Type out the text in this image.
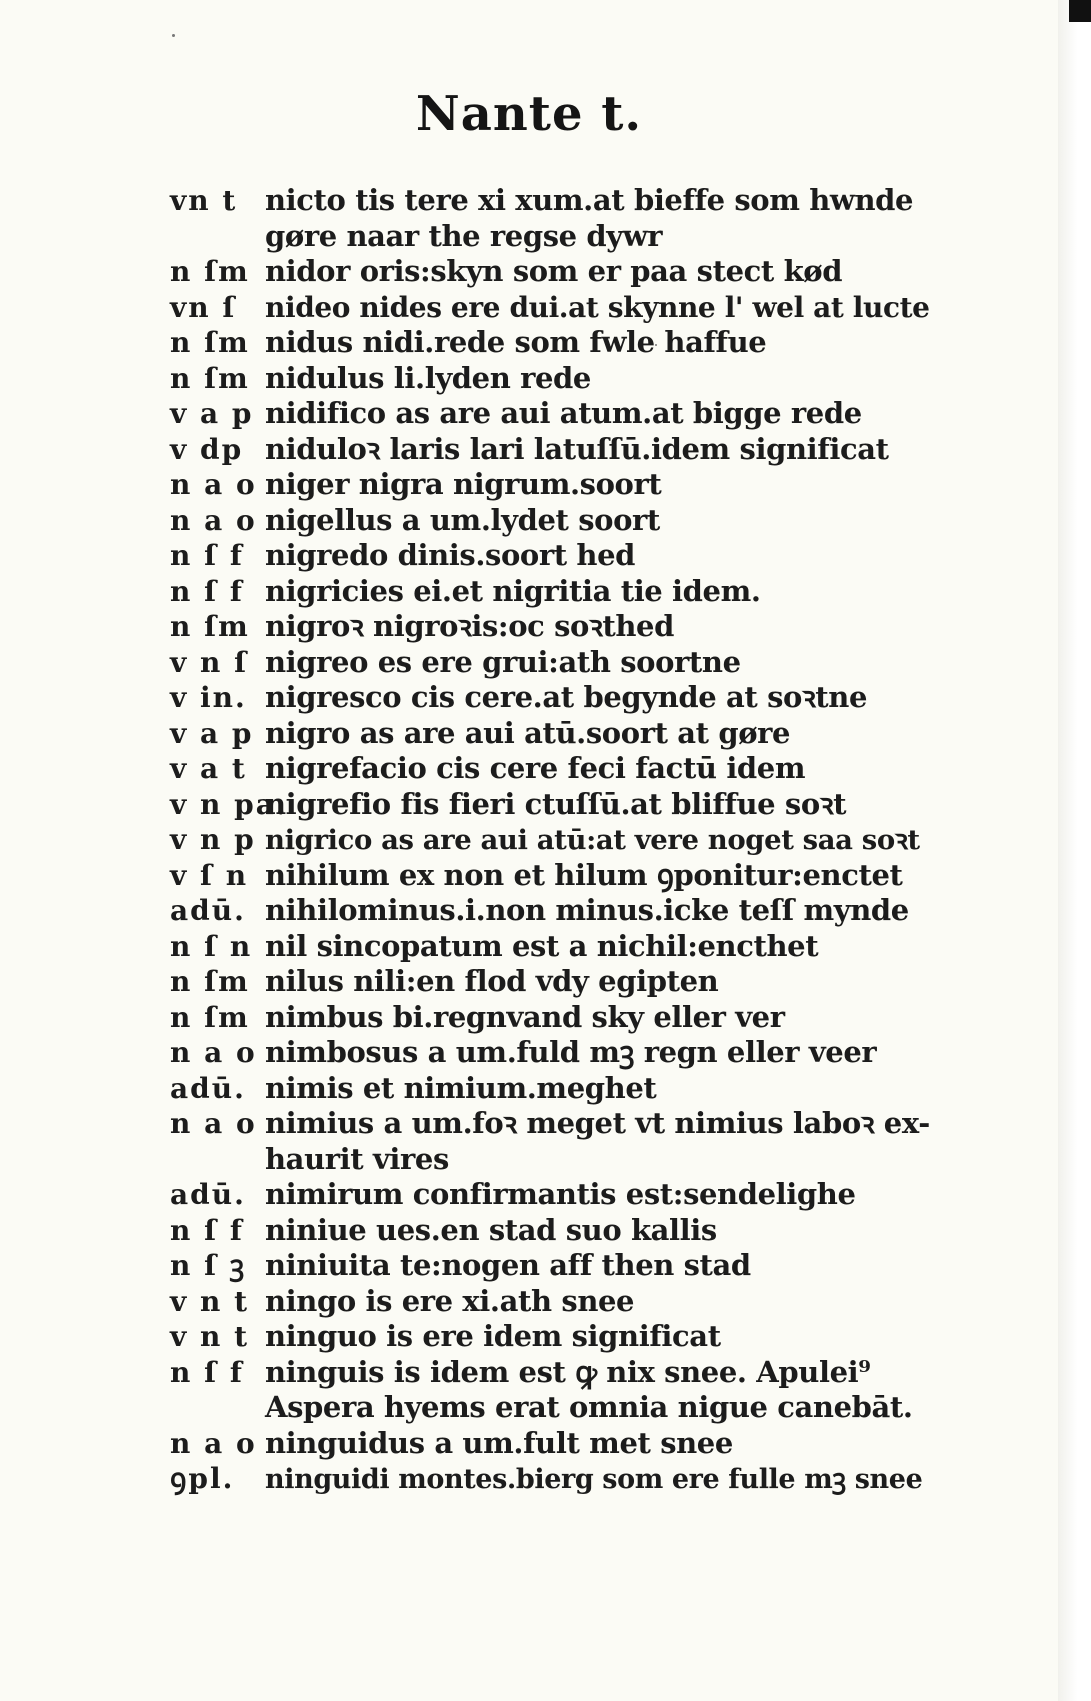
Nante t.
vn t nicto tis tere xi xum.at bieffe som hwnde
gøre naar the regse dywr
n ſm nidor oris:skyn som er paa stect kød
vn ſ	nideo nides ere dui.at skynne l' wel at lucte
n ſm nidus nidi.rede som fwle haffue
n ſm nidulus li.lyden rede
v a p nidifico as are aui atum.at bigge rede
v dp niduloꝛ laris lari latuſſū.idem significat
n a o niger nigra nigrum.soort
n a o nigellus a um.lydet soort
n ſ f nigredo dinis.soort hed
n ſ f nigricies ei.et nigritia tie idem.
n ſm nigroꝛ nigroꝛis:oc soꝛthed
v n ſ nigreo es ere grui:ath soortne
v in. nigresco cis cere.at begynde at soꝛtne
v a p nigro as are aui atū.soort at gøre
v a t nigrefacio cis cere feci factū idem
v n pa.
nigrefio fis fieri ctuſſū.at bliffue soꝛt
v n p nigrico as are aui atū:at vere noget saa soꝛt
v ſ n nihilum ex non et hilum ꝯponitur:enctet
adū. nihilominus.i.non minus.icke teſſ mynde
n ſ n nil sincopatum est a nichil:encthet
n ſm nilus nili:en flod vdy egipten
n ſm nimbus bi.regnvand sky eller ver
n a o nimbosus a um.fuld mꝫ regn eller veer
adū. nimis et nimium.meghet
n a o nimius a um.foꝛ meget vt nimius laboꝛ ex-
haurit vires
adū. nimirum confirmantis est:sendelighe
n ſ f niniue ues.en stad suo kallis
n ſ ꝫ niniuita te:nogen aff then stad
v n t ningo is ere xi.ath snee
v n t ninguo is ere idem significat
n ſ f ninguis is idem est ꝙ nix snee. Apulei⁹
Aspera hyems erat omnia nigue canebāt.
n a o ninguidus a um.fult met snee
ꝯpl.	ninguidi montes.bierg som ere fulle mꝫ snee
